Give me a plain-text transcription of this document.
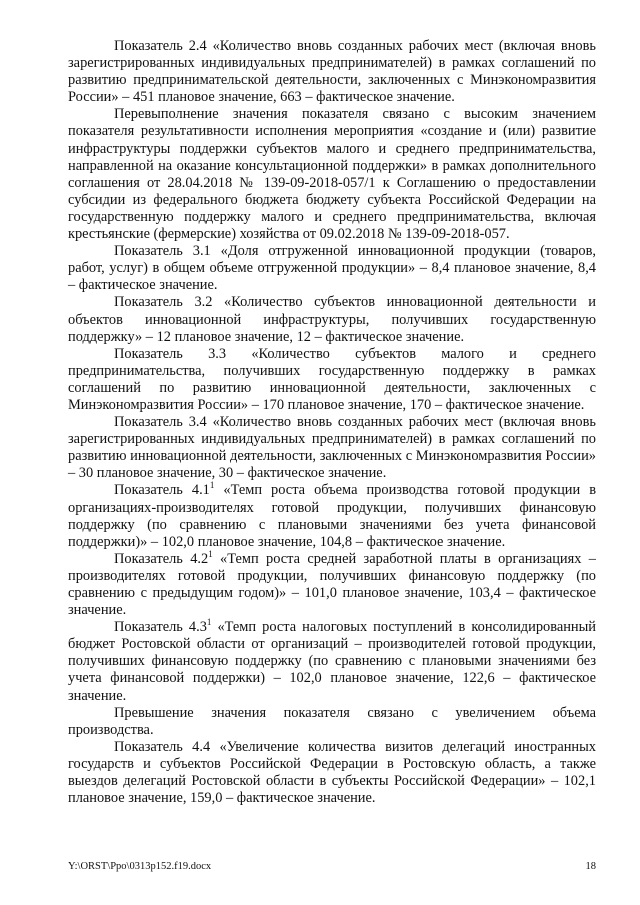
Показатель 2.4 «Количество вновь созданных рабочих мест (включая вновь зарегистрированных индивидуальных предпринимателей) в рамках соглашений по развитию предпринимательской деятельности, заключенных с Минэкономразвития России» – 451 плановое значение, 663 – фактическое значение.

Перевыполнение значения показателя связано с высоким значением показателя результативности исполнения мероприятия «создание и (или) развитие инфраструктуры поддержки субъектов малого и среднего предпринимательства, направленной на оказание консультационной поддержки» в рамках дополнительного соглашения от 28.04.2018 № 139-09-2018-057/1 к Соглашению о предоставлении субсидии из федерального бюджета бюджету субъекта Российской Федерации на государственную поддержку малого и среднего предпринимательства, включая крестьянские (фермерские) хозяйства от 09.02.2018 № 139-09-2018-057.

Показатель 3.1 «Доля отгруженной инновационной продукции (товаров, работ, услуг) в общем объеме отгруженной продукции» – 8,4 плановое значение, 8,4 – фактическое значение.

Показатель 3.2 «Количество субъектов инновационной деятельности и объектов инновационной инфраструктуры, получивших государственную поддержку» – 12 плановое значение, 12 – фактическое значение.

Показатель 3.3 «Количество субъектов малого и среднего предпринимательства, получивших государственную поддержку в рамках соглашений по развитию инновационной деятельности, заключенных с Минэкономразвития России» – 170 плановое значение, 170 – фактическое значение.

Показатель 3.4 «Количество вновь созданных рабочих мест (включая вновь зарегистрированных индивидуальных предпринимателей) в рамках соглашений по развитию инновационной деятельности, заключенных с Минэкономразвития России» – 30 плановое значение, 30 – фактическое значение.

Показатель $4.1^1$ «Темп роста объема производства готовой продукции в организациях-производителях готовой продукции, получивших финансовую поддержку (по сравнению с плановыми значениями без учета финансовой поддержки)» – 102,0 плановое значение, 104,8 – фактическое значение.

Показатель $4.2^1$ «Темп роста средней заработной платы в организациях – производителях готовой продукции, получивших финансовую поддержку (по сравнению с предыдущим годом)» – 101,0 плановое значение, 103,4 – фактическое значение.

Показатель $4.3^1$ «Темп роста налоговых поступлений в консолидированный бюджет Ростовской области от организаций – производителей готовой продукции, получивших финансовую поддержку (по сравнению с плановыми значениями без учета финансовой поддержки) – 102,0 плановое значение, 122,6 – фактическое значение.

Превышение значения показателя связано с увеличением объема производства.

Показатель 4.4 «Увеличение количества визитов делегаций иностранных государств и субъектов Российской Федерации в Ростовскую область, а также выездов делегаций Ростовской области в субъекты Российской Федерации» – 102,1 плановое значение, 159,0 – фактическое значение.

Y:\ORST\Ppo\0313p152.f19.docx	18
